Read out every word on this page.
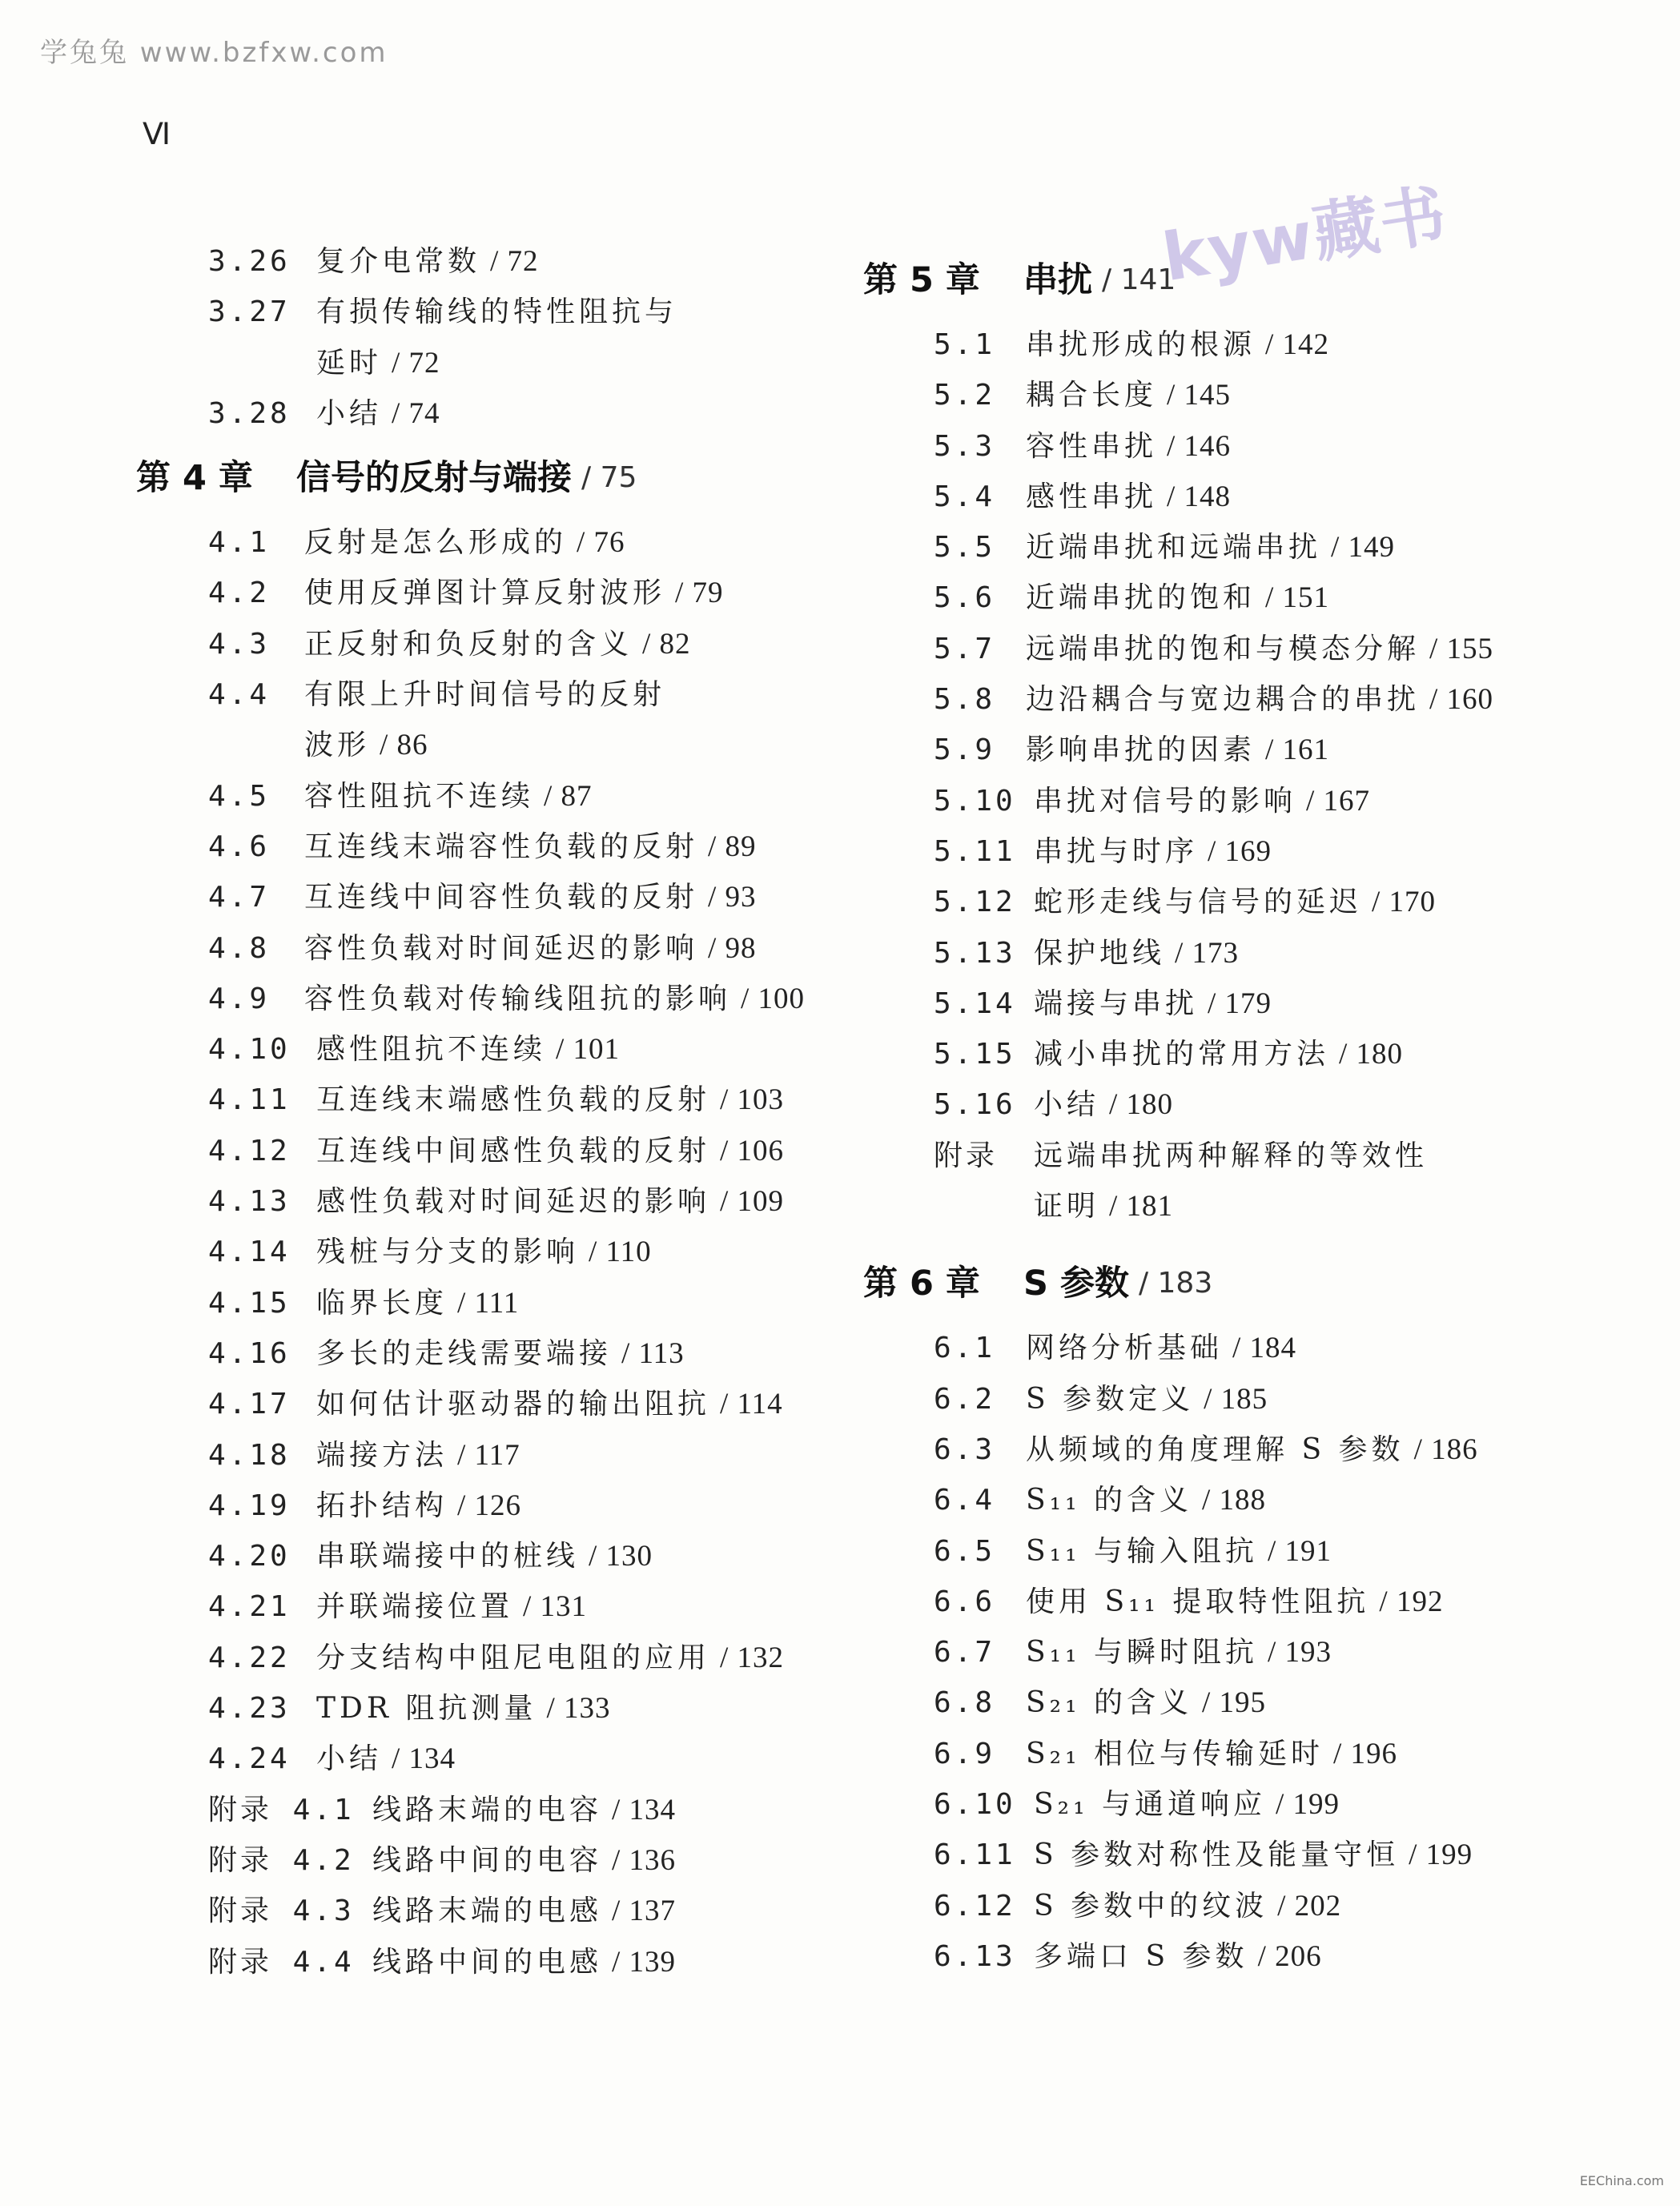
学兔兔 www.bzfxw.com
Ⅵ
kyw藏书
EEChina.com
3.26 复介电常数 / 72
3.27 有损传输线的特性阻抗与
延时 / 72
3.28 小结 / 74
第 4 章	信号的反射与端接 / 75
4.1	反射是怎么形成的 / 76
4.2	使用反弹图计算反射波形 / 79
4.3	正反射和负反射的含义 / 82
4.4	有限上升时间信号的反射
波形 / 86
4.5	容性阻抗不连续 / 87
4.6	互连线末端容性负载的反射 / 89
4.7	互连线中间容性负载的反射 / 93
4.8	容性负载对时间延迟的影响 / 98
4.9	容性负载对传输线阻抗的影响 / 100
4.10 感性阻抗不连续 / 101
4.11 互连线末端感性负载的反射 / 103
4.12 互连线中间感性负载的反射 / 106
4.13 感性负载对时间延迟的影响 / 109
4.14 残桩与分支的影响 / 110
4.15 临界长度 / 111
4.16 多长的走线需要端接 / 113
4.17 如何估计驱动器的输出阻抗 / 114
4.18 端接方法 / 117
4.19 拓扑结构 / 126
4.20 串联端接中的桩线 / 130
4.21 并联端接位置 / 131
4.22 分支结构中阻尼电阻的应用 / 132
4.23 TDR 阻抗测量 / 133
4.24 小结 / 134
附录 4.1 线路末端的电容 / 134
附录 4.2 线路中间的电容 / 136
附录 4.3 线路末端的电感 / 137
附录 4.4 线路中间的电感 / 139
第 5 章	串扰 / 141
5.1	串扰形成的根源 / 142
5.2	耦合长度 / 145
5.3	容性串扰 / 146
5.4	感性串扰 / 148
5.5	近端串扰和远端串扰 / 149
5.6	近端串扰的饱和 / 151
5.7	远端串扰的饱和与模态分解 / 155
5.8	边沿耦合与宽边耦合的串扰 / 160
5.9	影响串扰的因素 / 161
5.10 串扰对信号的影响 / 167
5.11 串扰与时序 / 169
5.12 蛇形走线与信号的延迟 / 170
5.13 保护地线 / 173
5.14 端接与串扰 / 179
5.15 减小串扰的常用方法 / 180
5.16 小结 / 180
附录	远端串扰两种解释的等效性
证明 / 181
第 6 章	S 参数 / 183
6.1	网络分析基础 / 184
6.2	S 参数定义 / 185
6.3	从频域的角度理解 S 参数 / 186
6.4	S₁₁ 的含义 / 188
6.5	S₁₁ 与输入阻抗 / 191
6.6	使用 S₁₁ 提取特性阻抗 / 192
6.7	S₁₁ 与瞬时阻抗 / 193
6.8	S₂₁ 的含义 / 195
6.9	S₂₁ 相位与传输延时 / 196
6.10 S₂₁ 与通道响应 / 199
6.11 S 参数对称性及能量守恒 / 199
6.12 S 参数中的纹波 / 202
6.13 多端口 S 参数 / 206
